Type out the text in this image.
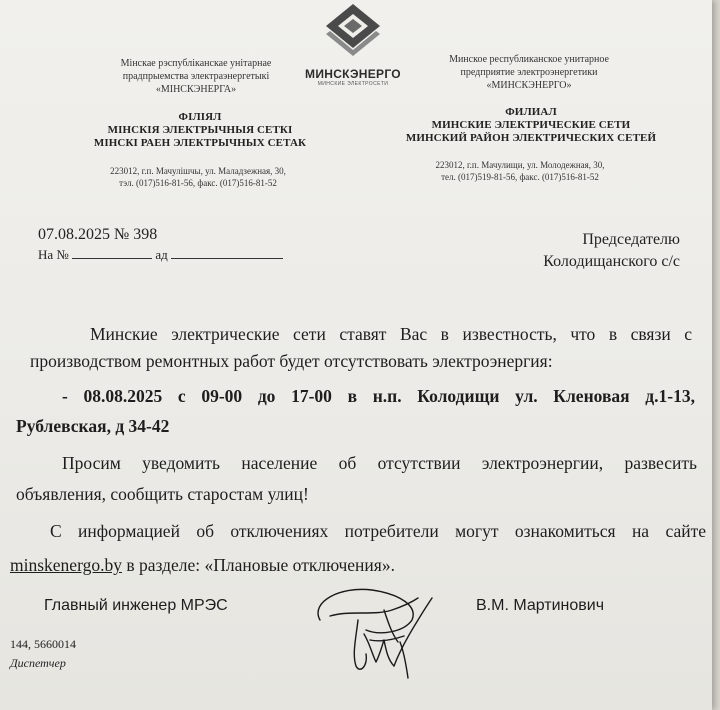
Мінскае рэспубліканскае унітарнае
прадпрыемства электраэнергетыкі
«МІНСКЭНЕРГА»
ФІЛІЯЛ
МІНСКІЯ ЭЛЕКТРЫЧНЫЯ СЕТКІ
МІНСКІ РАЕН ЭЛЕКТРЫЧНЫХ СЕТАК
223012, г.п. Мачулішчы, ул. Маладзежная, 30,
тэл. (017)516-81-56, факс. (017)516-81-52
МИНСКЭНЕРГО
МИНСКИЕ ЭЛЕКТРОСЕТИ
Минское республиканское унитарное
предприятие электроэнергетики
«МИНСКЭНЕРГО»
ФИЛИАЛ
МИНСКИЕ ЭЛЕКТРИЧЕСКИЕ СЕТИ
МИНСКИЙ РАЙОН ЭЛЕКТРИЧЕСКИХ СЕТЕЙ
223012, г.п. Мачулищи, ул. Молодежная, 30,
тел. (017)519-81-56, факс. (017)516-81-52
07.08.2025 № 398
На №	ад
Председателю
Колодищанского с/с
Минские электрические сети ставят Вас в известность, что в связи с
производством ремонтных работ будет отсутствовать электроэнергия:
- 08.08.2025 с 09-00 до 17-00 в н.п. Колодищи ул. Кленовая д.1-13,
Рублевская, д 34-42
Просим уведомить население об отсутствии электроэнергии, развесить
объявления, сообщить старостам улиц!
С информацией об отключениях потребители могут ознакомиться на сайте
minskenergo.by в разделе: «Плановые отключения».
Главный инженер МРЭС	В.М. Мартинович
144, 5660014
Диспетчер
